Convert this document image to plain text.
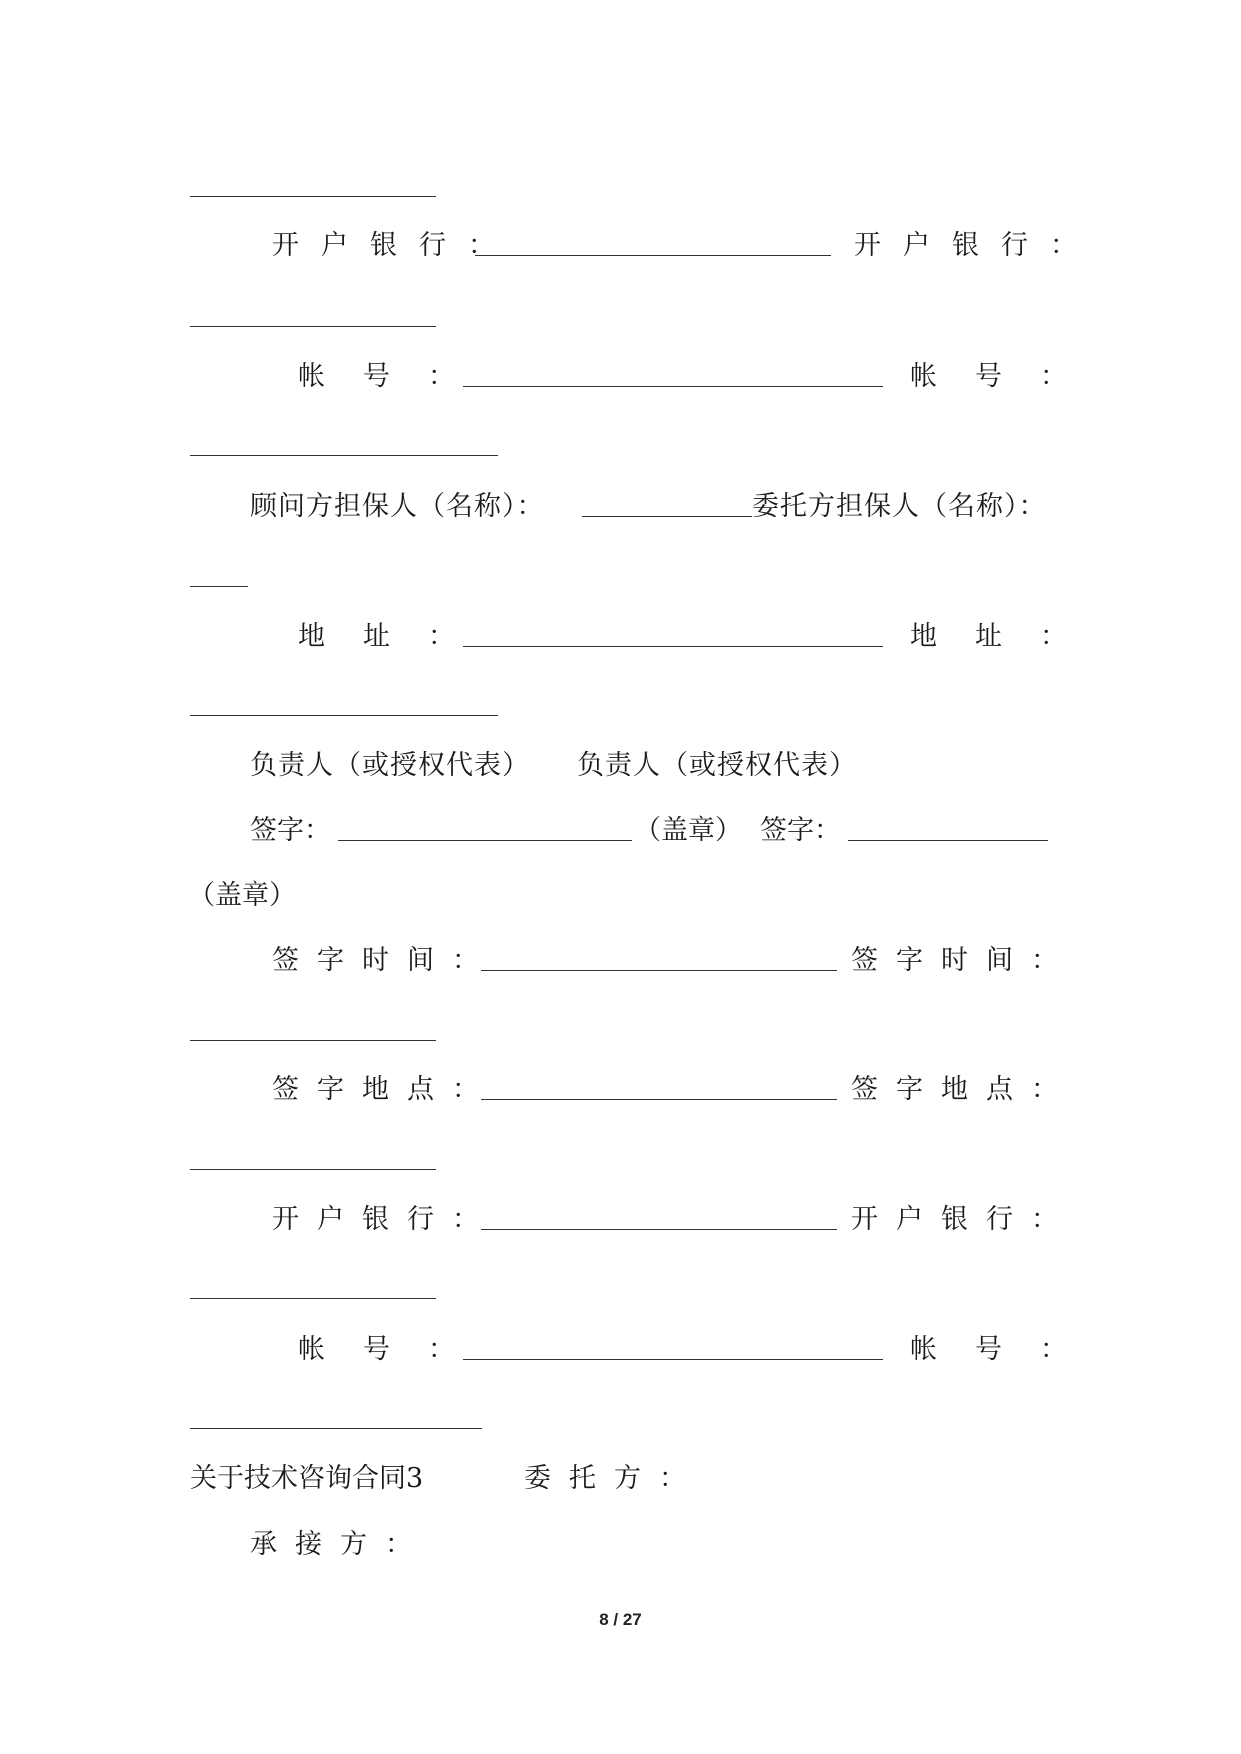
开户银行：	开户银行：
帐号：	帐号：
顾问方担保人（名称）：	委托方担保人（名称）：
地址：	地址：
负责人（或授权代表） 负责人（或授权代表）
签字：	（盖章） 签字：
（盖章）
签字时间：	签字时间：
签字地点：	签字地点：
开户银行：	开户银行：
帐号：	帐号：
关于技术咨询合同3	委托方：
承接方：
8 / 27
